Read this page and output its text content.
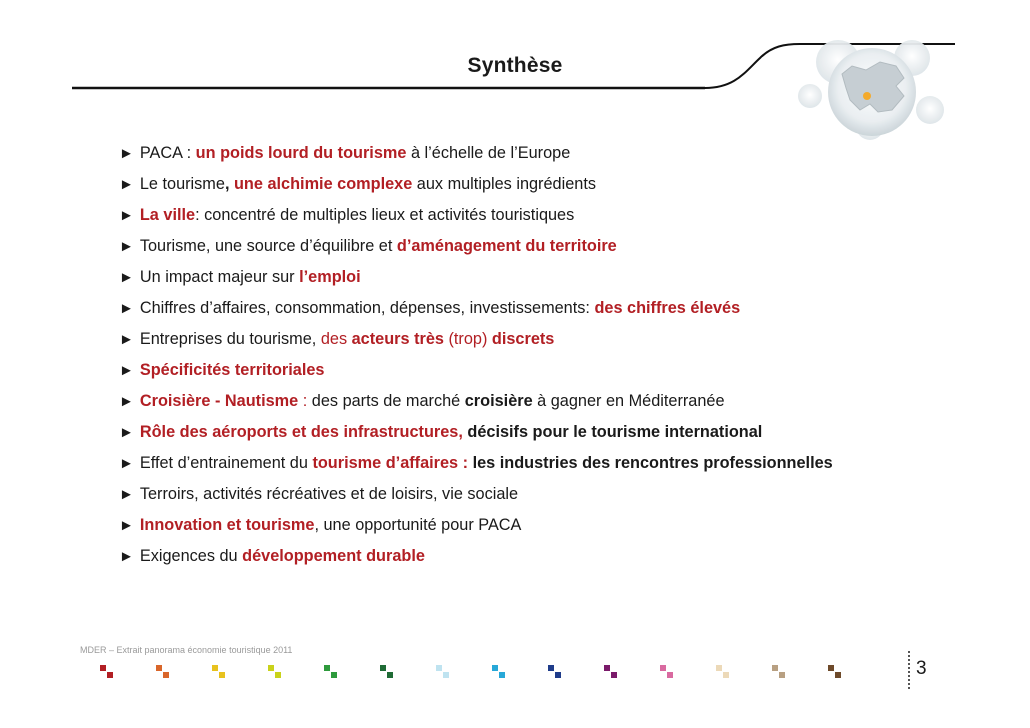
Synthèse
► PACA : un poids lourd du tourisme à l’échelle de l’Europe
► Le tourisme, une alchimie complexe aux multiples ingrédients
► La ville: concentré de multiples lieux et activités touristiques
► Tourisme, une source d’équilibre et d’aménagement du territoire
► Un impact majeur sur l’emploi
► Chiffres d’affaires, consommation, dépenses, investissements: des chiffres élevés
► Entreprises du tourisme, des acteurs très (trop) discrets
► Spécificités territoriales
► Croisière - Nautisme : des parts de marché croisière à gagner en Méditerranée
► Rôle des aéroports et des infrastructures, décisifs pour le tourisme international
► Effet d’entrainement du tourisme d’affaires : les industries des rencontres professionnelles
► Terroirs, activités récréatives et de loisirs, vie sociale
► Innovation et tourisme, une opportunité pour PACA
► Exigences du développement durable
MDER – Extrait panorama économie touristique 2011
3
